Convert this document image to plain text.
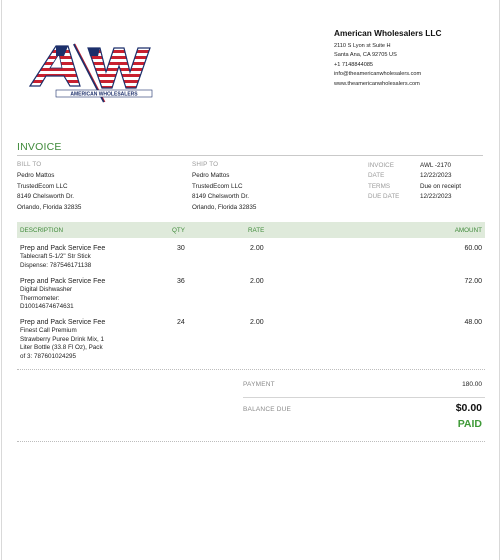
AMERICAN WHOLESALERS
American Wholesalers LLC
2110 S Lyon st Suite H
Santa Ana, CA 92705 US
+1 7148844085
info@theamericanwholesalers.com
www.theamericanwholesalers.com
INVOICE
BILL TO
Pedro Mattos
TrustedEcom LLC
8149 Chelsworth Dr.
Orlando, Florida 32835
SHIP TO
Pedro Mattos
TrustedEcom LLC
8149 Chelsworth Dr.
Orlando, Florida 32835
INVOICE	AWL -2170
DATE	12/22/2023
TERMS	Due on receipt
DUE DATE	12/22/2023
DESCRIPTION	QTY	RATE	AMOUNT
Prep and Pack Service Fee
Tablecraft 5-1/2" Str Stick
Dispense: 787546171138
30	2.00	60.00
Prep and Pack Service Fee
Digital Dishwasher
Thermometer:
D10014674674631
36	2.00	72.00
Prep and Pack Service Fee
Finest Call Premium
Strawberry Puree Drink Mix, 1
Liter Bottle (33.8 Fl Oz), Pack
of 3: 787601024295
24	2.00	48.00
PAYMENT	180.00
BALANCE DUE	$0.00
PAID
